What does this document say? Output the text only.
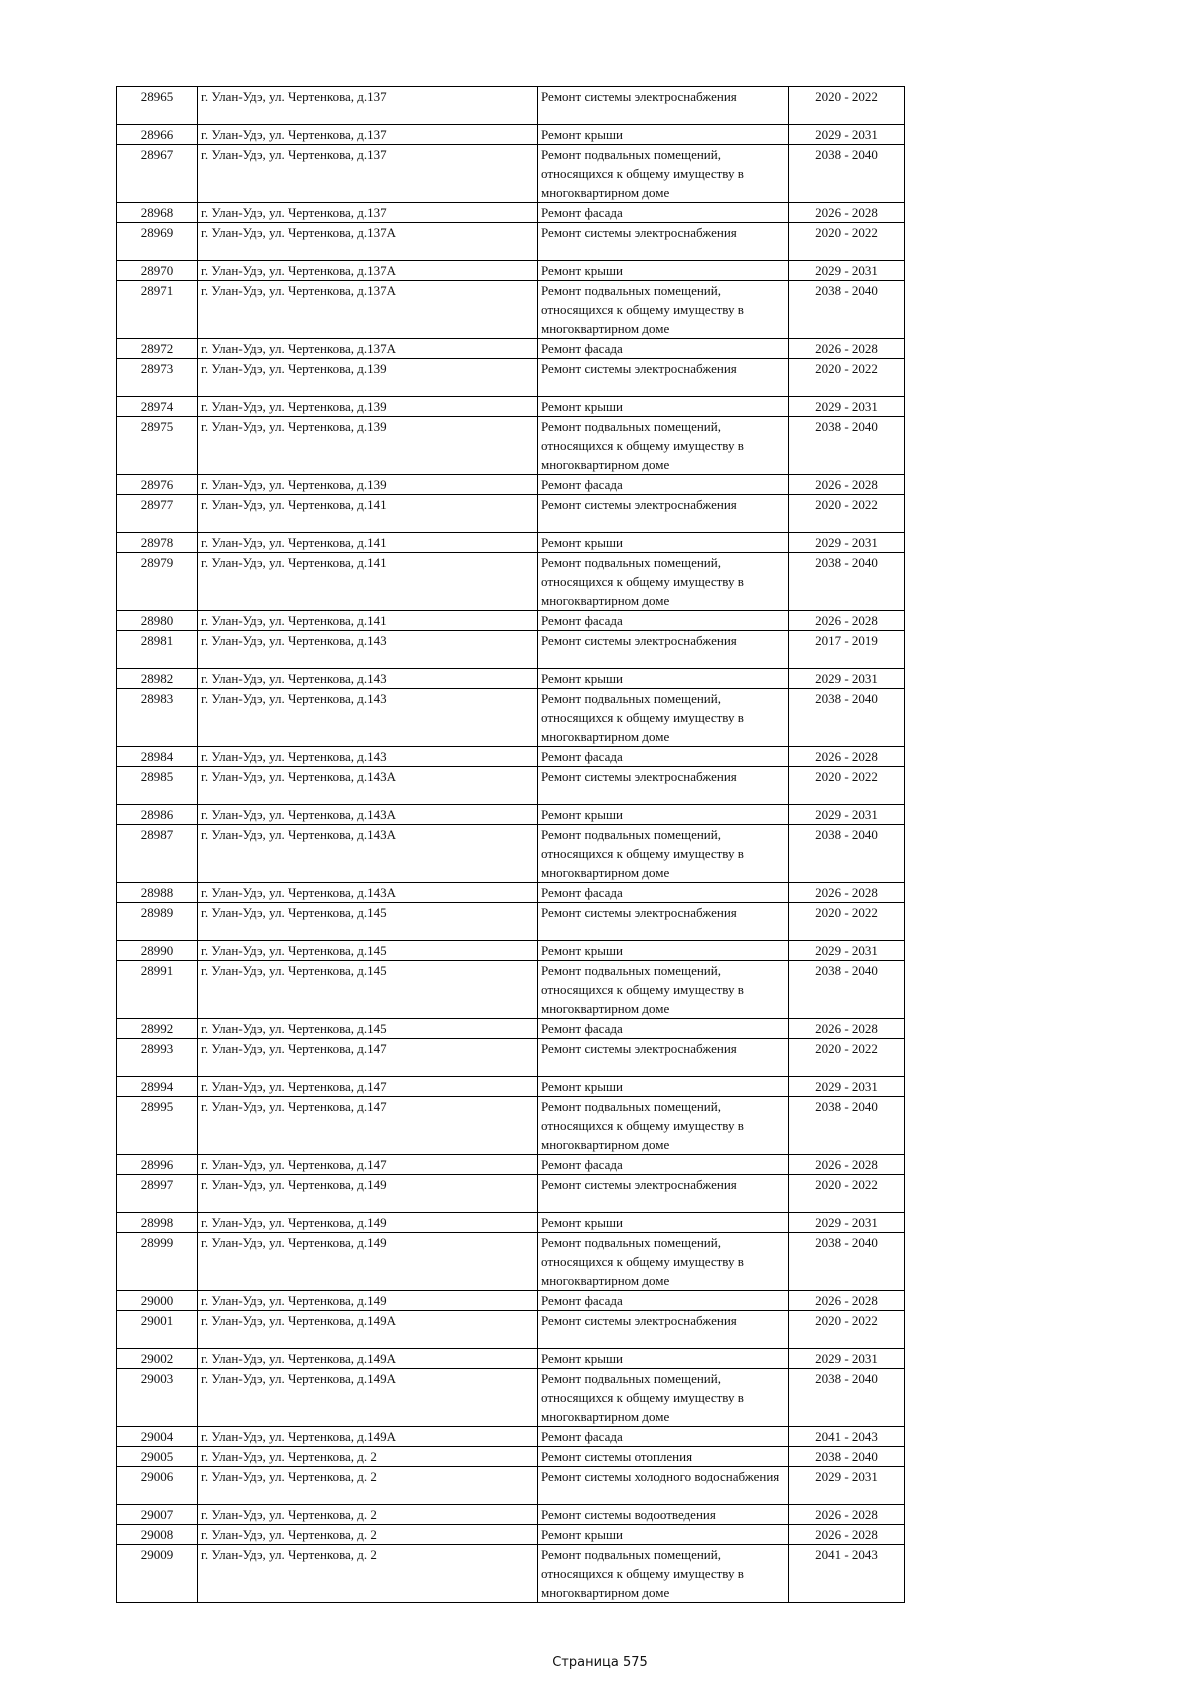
28965	г. Улан-Удэ, ул. Чертенкова, д.137	Ремонт системы электроснабжения	2020 - 2022
28966	г. Улан-Удэ, ул. Чертенкова, д.137	Ремонт крыши	2029 - 2031
28967	г. Улан-Удэ, ул. Чертенкова, д.137	Ремонт подвальных помещений, относящихся к общему имуществу в многоквартирном доме	2038 - 2040
28968	г. Улан-Удэ, ул. Чертенкова, д.137	Ремонт фасада	2026 - 2028
28969	г. Улан-Удэ, ул. Чертенкова, д.137А	Ремонт системы электроснабжения	2020 - 2022
28970	г. Улан-Удэ, ул. Чертенкова, д.137А	Ремонт крыши	2029 - 2031
28971	г. Улан-Удэ, ул. Чертенкова, д.137А	Ремонт подвальных помещений, относящихся к общему имуществу в многоквартирном доме	2038 - 2040
28972	г. Улан-Удэ, ул. Чертенкова, д.137А	Ремонт фасада	2026 - 2028
28973	г. Улан-Удэ, ул. Чертенкова, д.139	Ремонт системы электроснабжения	2020 - 2022
28974	г. Улан-Удэ, ул. Чертенкова, д.139	Ремонт крыши	2029 - 2031
28975	г. Улан-Удэ, ул. Чертенкова, д.139	Ремонт подвальных помещений, относящихся к общему имуществу в многоквартирном доме	2038 - 2040
28976	г. Улан-Удэ, ул. Чертенкова, д.139	Ремонт фасада	2026 - 2028
28977	г. Улан-Удэ, ул. Чертенкова, д.141	Ремонт системы электроснабжения	2020 - 2022
28978	г. Улан-Удэ, ул. Чертенкова, д.141	Ремонт крыши	2029 - 2031
28979	г. Улан-Удэ, ул. Чертенкова, д.141	Ремонт подвальных помещений, относящихся к общему имуществу в многоквартирном доме	2038 - 2040
28980	г. Улан-Удэ, ул. Чертенкова, д.141	Ремонт фасада	2026 - 2028
28981	г. Улан-Удэ, ул. Чертенкова, д.143	Ремонт системы электроснабжения	2017 - 2019
28982	г. Улан-Удэ, ул. Чертенкова, д.143	Ремонт крыши	2029 - 2031
28983	г. Улан-Удэ, ул. Чертенкова, д.143	Ремонт подвальных помещений, относящихся к общему имуществу в многоквартирном доме	2038 - 2040
28984	г. Улан-Удэ, ул. Чертенкова, д.143	Ремонт фасада	2026 - 2028
28985	г. Улан-Удэ, ул. Чертенкова, д.143А	Ремонт системы электроснабжения	2020 - 2022
28986	г. Улан-Удэ, ул. Чертенкова, д.143А	Ремонт крыши	2029 - 2031
28987	г. Улан-Удэ, ул. Чертенкова, д.143А	Ремонт подвальных помещений, относящихся к общему имуществу в многоквартирном доме	2038 - 2040
28988	г. Улан-Удэ, ул. Чертенкова, д.143А	Ремонт фасада	2026 - 2028
28989	г. Улан-Удэ, ул. Чертенкова, д.145	Ремонт системы электроснабжения	2020 - 2022
28990	г. Улан-Удэ, ул. Чертенкова, д.145	Ремонт крыши	2029 - 2031
28991	г. Улан-Удэ, ул. Чертенкова, д.145	Ремонт подвальных помещений, относящихся к общему имуществу в многоквартирном доме	2038 - 2040
28992	г. Улан-Удэ, ул. Чертенкова, д.145	Ремонт фасада	2026 - 2028
28993	г. Улан-Удэ, ул. Чертенкова, д.147	Ремонт системы электроснабжения	2020 - 2022
28994	г. Улан-Удэ, ул. Чертенкова, д.147	Ремонт крыши	2029 - 2031
28995	г. Улан-Удэ, ул. Чертенкова, д.147	Ремонт подвальных помещений, относящихся к общему имуществу в многоквартирном доме	2038 - 2040
28996	г. Улан-Удэ, ул. Чертенкова, д.147	Ремонт фасада	2026 - 2028
28997	г. Улан-Удэ, ул. Чертенкова, д.149	Ремонт системы электроснабжения	2020 - 2022
28998	г. Улан-Удэ, ул. Чертенкова, д.149	Ремонт крыши	2029 - 2031
28999	г. Улан-Удэ, ул. Чертенкова, д.149	Ремонт подвальных помещений, относящихся к общему имуществу в многоквартирном доме	2038 - 2040
29000	г. Улан-Удэ, ул. Чертенкова, д.149	Ремонт фасада	2026 - 2028
29001	г. Улан-Удэ, ул. Чертенкова, д.149А	Ремонт системы электроснабжения	2020 - 2022
29002	г. Улан-Удэ, ул. Чертенкова, д.149А	Ремонт крыши	2029 - 2031
29003	г. Улан-Удэ, ул. Чертенкова, д.149А	Ремонт подвальных помещений, относящихся к общему имуществу в многоквартирном доме	2038 - 2040
29004	г. Улан-Удэ, ул. Чертенкова, д.149А	Ремонт фасада	2041 - 2043
29005	г. Улан-Удэ, ул. Чертенкова, д. 2	Ремонт системы отопления	2038 - 2040
29006	г. Улан-Удэ, ул. Чертенкова, д. 2	Ремонт системы холодного водоснабжения	2029 - 2031
29007	г. Улан-Удэ, ул. Чертенкова, д. 2	Ремонт системы водоотведения	2026 - 2028
29008	г. Улан-Удэ, ул. Чертенкова, д. 2	Ремонт крыши	2026 - 2028
29009	г. Улан-Удэ, ул. Чертенкова, д. 2	Ремонт подвальных помещений, относящихся к общему имуществу в многоквартирном доме	2041 - 2043
Страница 575
